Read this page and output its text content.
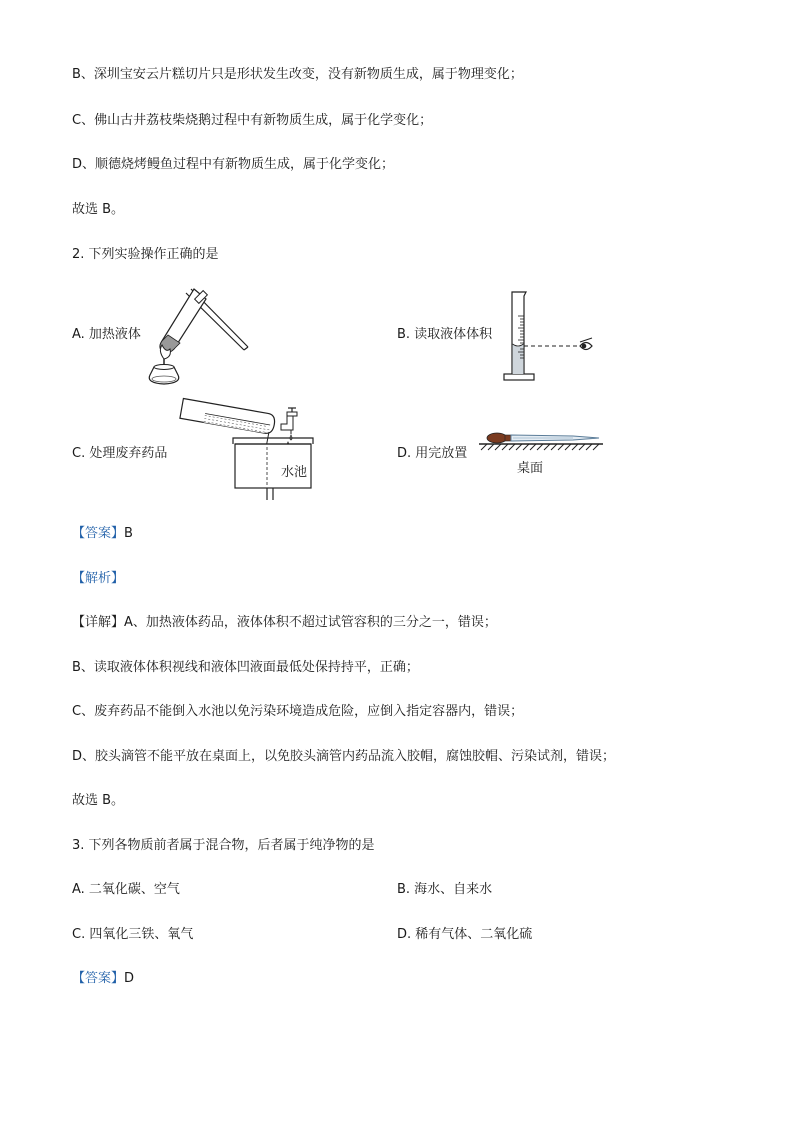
B、深圳宝安云片糕切片只是形状发生改变，没有新物质生成，属于物理变化；
C、佛山古井荔枝柴烧鹅过程中有新物质生成，属于化学变化；
D、顺德烧烤鳗鱼过程中有新物质生成，属于化学变化；
故选 B。
2. 下列实验操作正确的是
A. 加热液体	B. 读取液体体积
C. 处理废弃药品	D. 用完放置
水池	桌面
【答案】B
【解析】
【详解】A、加热液体药品，液体体积不超过试管容积的三分之一，错误；
B、读取液体体积视线和液体凹液面最低处保持持平，正确；
C、废弃药品不能倒入水池以免污染环境造成危险，应倒入指定容器内，错误；
D、胶头滴管不能平放在桌面上，以免胶头滴管内药品流入胶帽，腐蚀胶帽、污染试剂，错误；
故选 B。
3. 下列各物质前者属于混合物，后者属于纯净物的是
A. 二氧化碳、空气	B. 海水、自来水
C. 四氧化三铁、氧气	D. 稀有气体、二氧化硫
【答案】D
